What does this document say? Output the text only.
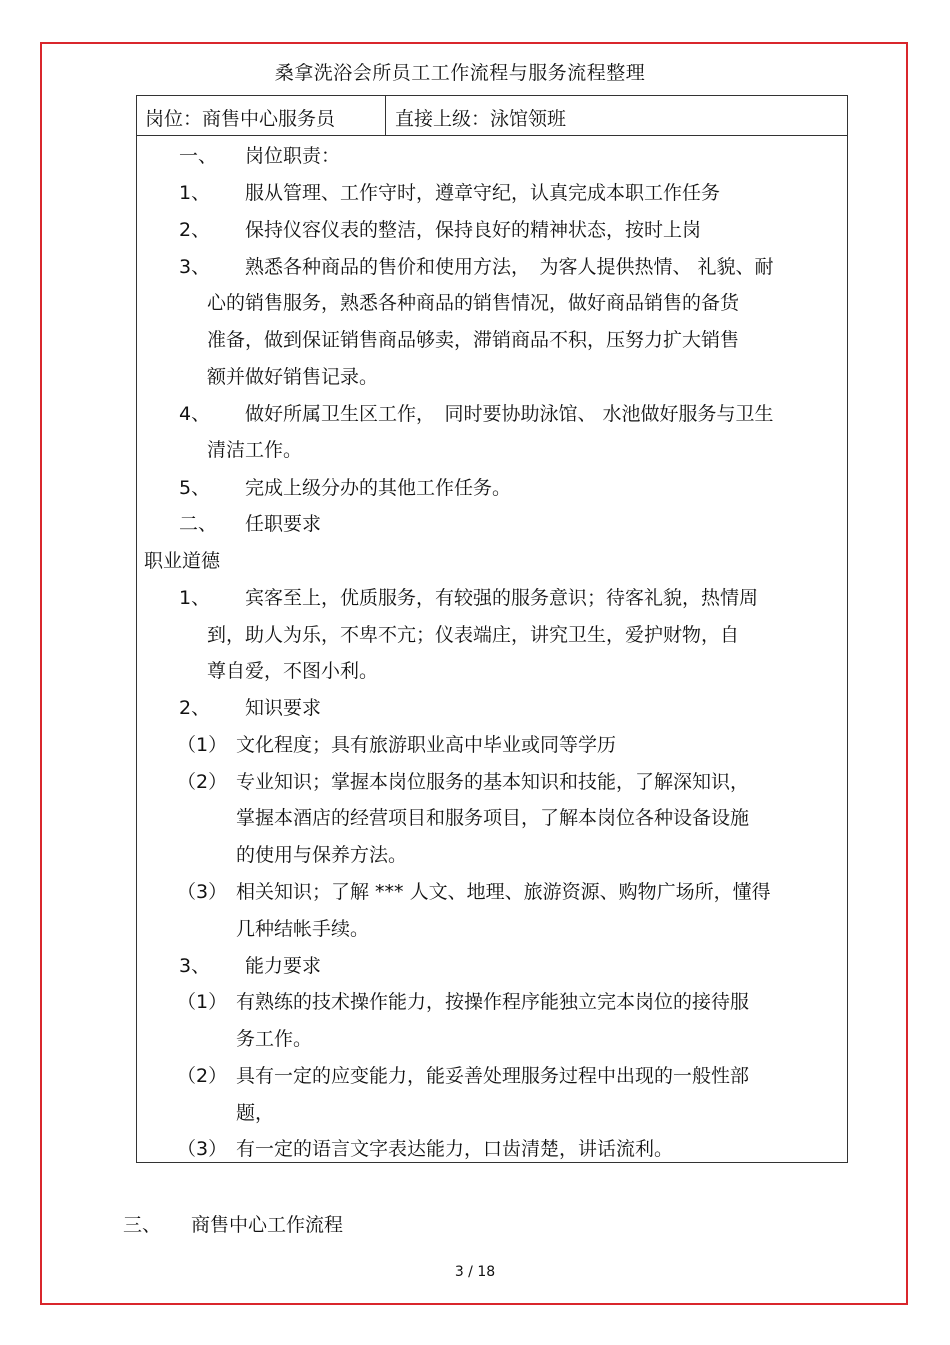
桑拿洗浴会所员工工作流程与服务流程整理
岗位：商售中心服务员	直接上级：泳馆领班
一、 岗位职责：
1、 服从管理、工作守时，遵章守纪，认真完成本职工作任务
2、 保持仪容仪表的整洁，保持良好的精神状态，按时上岗
3、 熟悉各种商品的售价和使用方法，　为客人提供热情、 礼貌、耐
心的销售服务，熟悉各种商品的销售情况，做好商品销售的备货
准备，做到保证销售商品够卖，滞销商品不积，压努力扩大销售
额并做好销售记录。
4、 做好所属卫生区工作，　同时要协助泳馆、 水池做好服务与卫生
清洁工作。
5、 完成上级分办的其他工作任务。
二、 任职要求
职业道德
1、 宾客至上，优质服务，有较强的服务意识；待客礼貌，热情周
到，助人为乐，不卑不亢；仪表端庄，讲究卫生，爱护财物，自
尊自爱，不图小利。
2、 知识要求
（1） 文化程度；具有旅游职业高中毕业或同等学历
（2） 专业知识；掌握本岗位服务的基本知识和技能，了解深知识，
掌握本酒店的经营项目和服务项目，了解本岗位各种设备设施
的使用与保养方法。
（3） 相关知识；了解 *** 人文、地理、旅游资源、购物广场所，懂得
几种结帐手续。
3、 能力要求
（1） 有熟练的技术操作能力，按操作程序能独立完本岗位的接待服
务工作。
（2） 具有一定的应变能力，能妥善处理服务过程中出现的一般性部
题，
（3） 有一定的语言文字表达能力，口齿清楚，讲话流利。
三、 商售中心工作流程
3 / 18
